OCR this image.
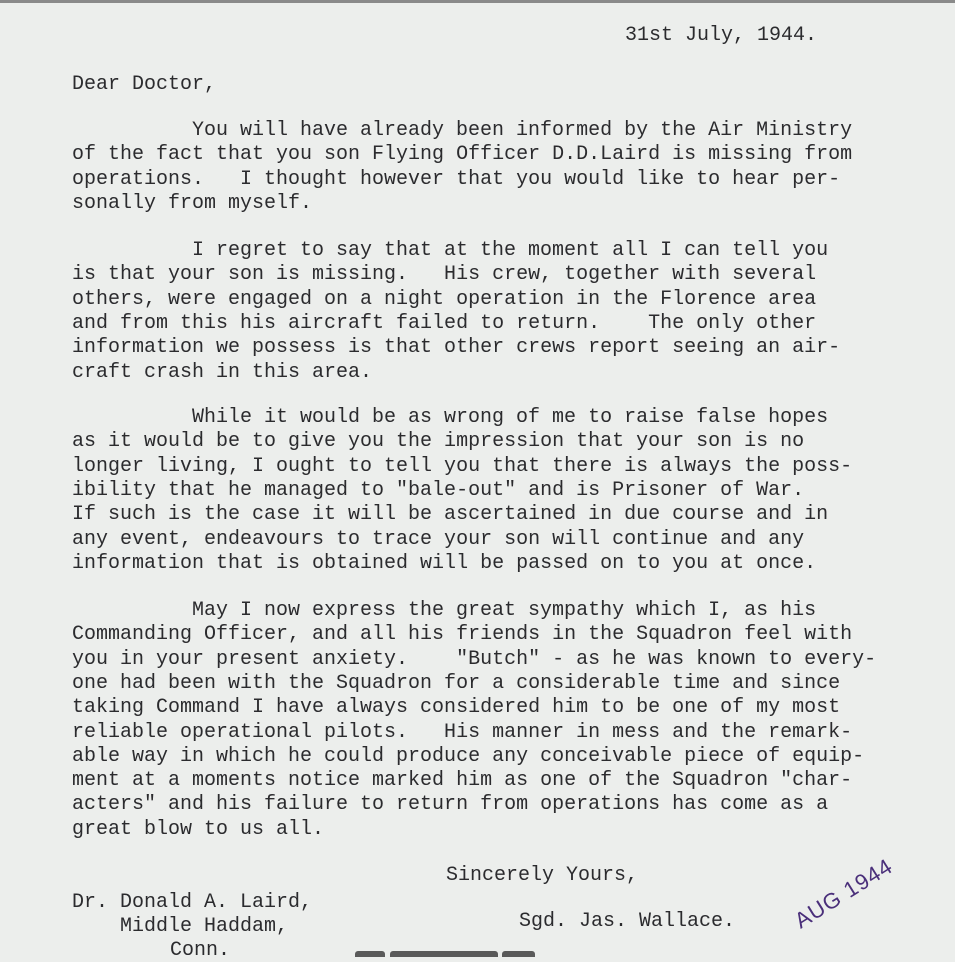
31st July, 1944.
Dear Doctor,
You will have already been informed by the Air Ministry
of the fact that you son Flying Officer D.D.Laird is missing from
operations.   I thought however that you would like to hear per-
sonally from myself.
I regret to say that at the moment all I can tell you
is that your son is missing.   His crew, together with several
others, were engaged on a night operation in the Florence area
and from this his aircraft failed to return.    The only other
information we possess is that other crews report seeing an air-
craft crash in this area.
While it would be as wrong of me to raise false hopes
as it would be to give you the impression that your son is no
longer living, I ought to tell you that there is always the poss-
ibility that he managed to "bale-out" and is Prisoner of War.
If such is the case it will be ascertained in due course and in
any event, endeavours to trace your son will continue and any
information that is obtained will be passed on to you at once.
May I now express the great sympathy which I, as his
Commanding Officer, and all his friends in the Squadron feel with
you in your present anxiety.    "Butch" - as he was known to every-
one had been with the Squadron for a considerable time and since
taking Command I have always considered him to be one of my most
reliable operational pilots.   His manner in mess and the remark-
able way in which he could produce any conceivable piece of equip-
ment at a moments notice marked him as one of the Squadron "char-
acters" and his failure to return from operations has come as a
great blow to us all.
Sincerely Yours,
Dr. Donald A. Laird,
Middle Haddam,
Conn.
Sgd. Jas. Wallace. AUG 1944
